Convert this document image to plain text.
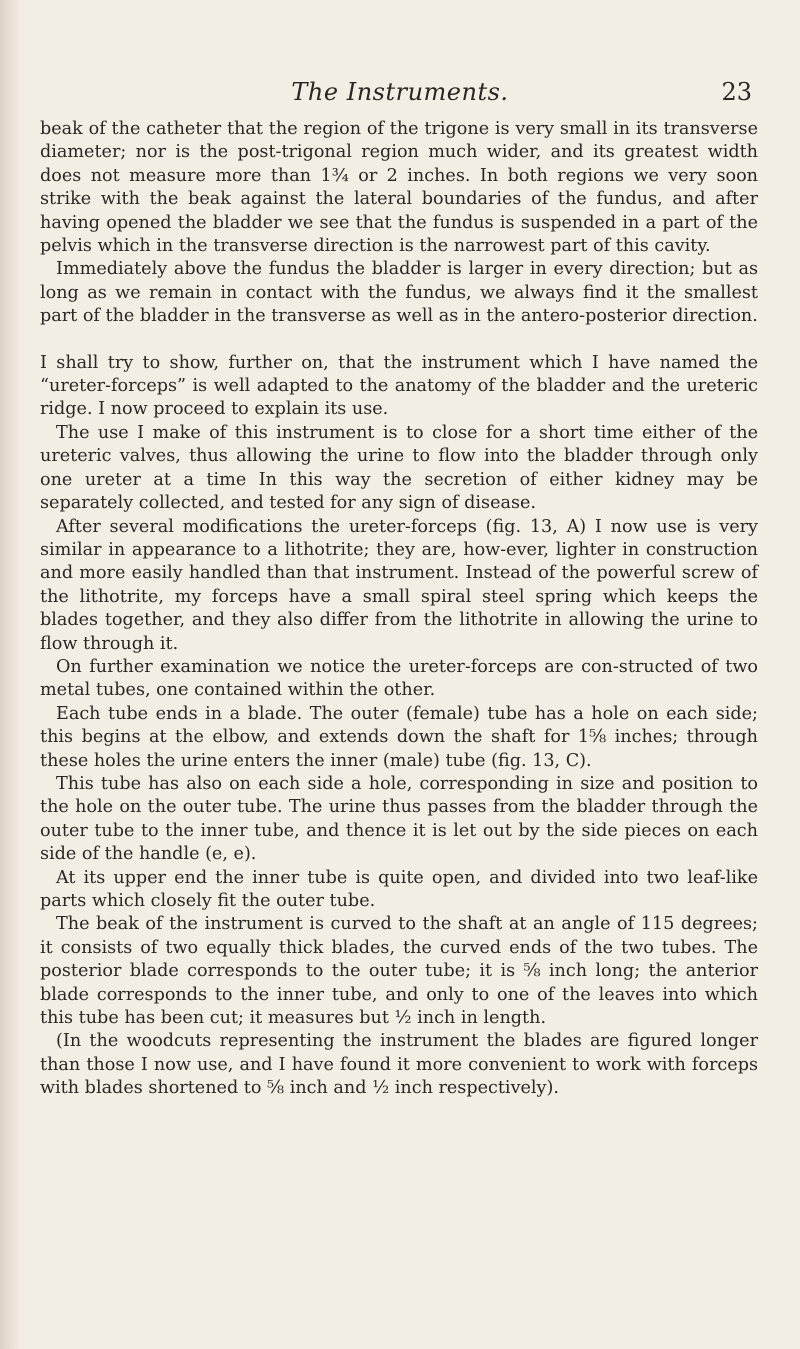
The Instruments.	23

beak of the catheter that the region of the trigone is very small in its transverse diameter; nor is the post-trigonal region much wider, and its greatest width does not measure more than 1¾ or 2 inches. In both regions we very soon strike with the beak against the lateral boundaries of the fundus, and after having opened the bladder we see that the fundus is suspended in a part of the pelvis which in the transverse direction is the narrowest part of this cavity.

Immediately above the fundus the bladder is larger in every direction; but as long as we remain in contact with the fundus, we always find it the smallest part of the bladder in the transverse as well as in the antero-posterior direction.

I shall try to show, further on, that the instrument which I have named the “ureter-forceps” is well adapted to the anatomy of the bladder and the ureteric ridge. I now proceed to explain its use.

The use I make of this instrument is to close for a short time either of the ureteric valves, thus allowing the urine to flow into the bladder through only one ureter at a time In this way the secretion of either kidney may be separately collected, and tested for any sign of disease.

After several modifications the ureter-forceps (fig. 13, A) I now use is very similar in appearance to a lithotrite; they are, how-ever, lighter in construction and more easily handled than that instrument. Instead of the powerful screw of the lithotrite, my forceps have a small spiral steel spring which keeps the blades together, and they also differ from the lithotrite in allowing the urine to flow through it.

On further examination we notice the ureter-forceps are con-structed of two metal tubes, one contained within the other.

Each tube ends in a blade. The outer (female) tube has a hole on each side; this begins at the elbow, and extends down the shaft for 1⅝ inches; through these holes the urine enters the inner (male) tube (fig. 13, C).

This tube has also on each side a hole, corresponding in size and position to the hole on the outer tube. The urine thus passes from the bladder through the outer tube to the inner tube, and thence it is let out by the side pieces on each side of the handle (e, e).

At its upper end the inner tube is quite open, and divided into two leaf-like parts which closely fit the outer tube.

The beak of the instrument is curved to the shaft at an angle of 115 degrees; it consists of two equally thick blades, the curved ends of the two tubes. The posterior blade corresponds to the outer tube; it is ⅝ inch long; the anterior blade corresponds to the inner tube, and only to one of the leaves into which this tube has been cut; it measures but ½ inch in length.

(In the woodcuts representing the instrument the blades are figured longer than those I now use, and I have found it more convenient to work with forceps with blades shortened to ⅝ inch and ½ inch respectively).
